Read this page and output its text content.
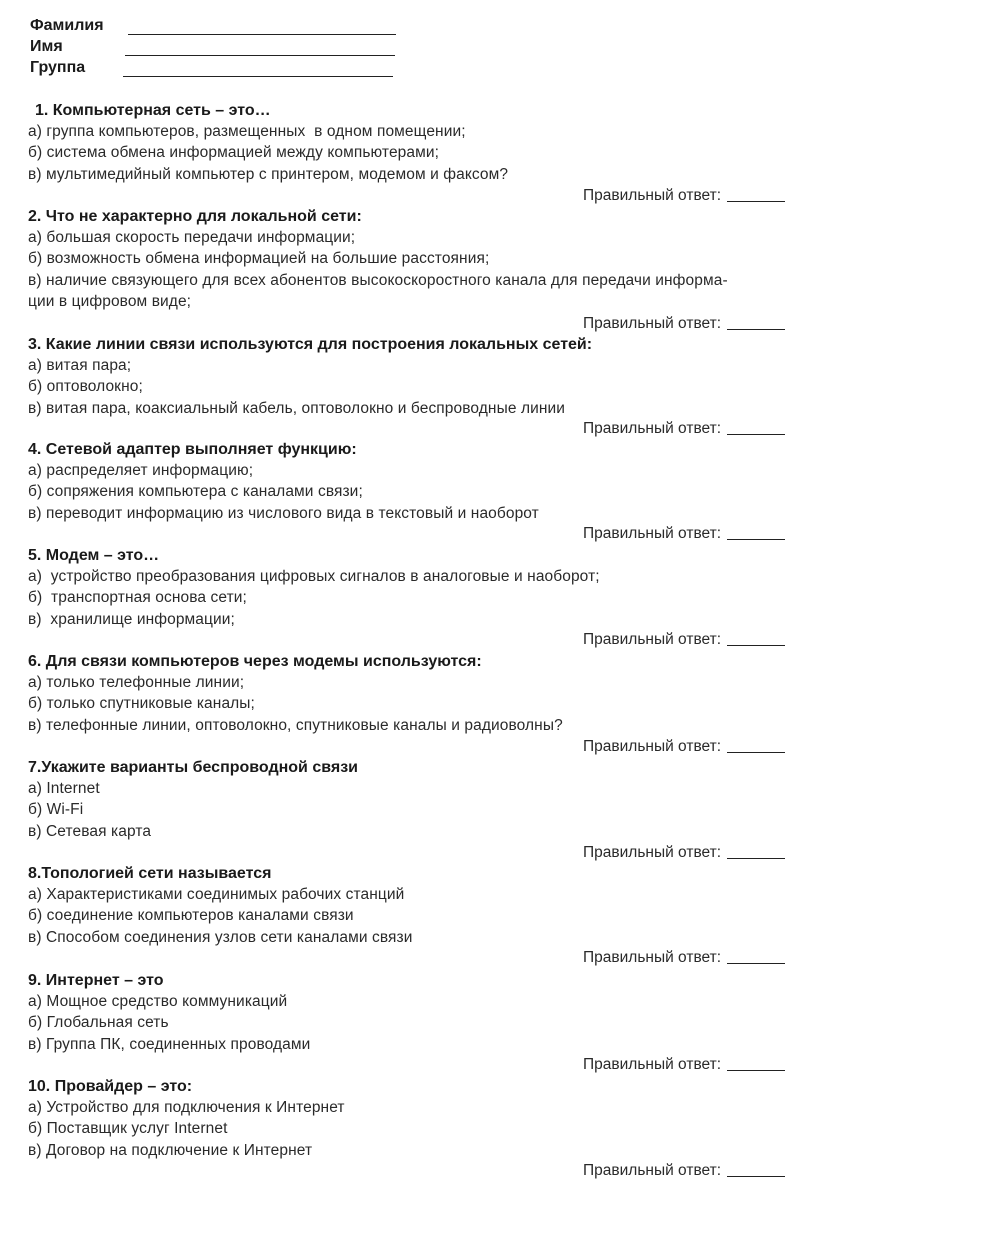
Фамилия
Имя
Группа
1. Компьютерная сеть – это…
а) группа компьютеров, размещенных  в одном помещении;
б) система обмена информацией между компьютерами;
в) мультимедийный компьютер с принтером, модемом и факсом?
Правильный ответ:
2. Что не характерно для локальной сети:
а) большая скорость передачи информации;
б) возможность обмена информацией на большие расстояния;
в) наличие связующего для всех абонентов высокоскоростного канала для передачи информа-
ции в цифровом виде;
Правильный ответ:
3. Какие линии связи используются для построения локальных сетей:
а) витая пара;
б) оптоволокно;
в) витая пара, коаксиальный кабель, оптоволокно и беспроводные линии
Правильный ответ:
4. Сетевой адаптер выполняет функцию:
а) распределяет информацию;
б) сопряжения компьютера с каналами связи;
в) переводит информацию из числового вида в текстовый и наоборот
Правильный ответ:
5. Модем – это…
а)  устройство преобразования цифровых сигналов в аналоговые и наоборот;
б)  транспортная основа сети;
в)  хранилище информации;
Правильный ответ:
6. Для связи компьютеров через модемы используются:
а) только телефонные линии;
б) только спутниковые каналы;
в) телефонные линии, оптоволокно, спутниковые каналы и радиоволны?
Правильный ответ:
7.Укажите варианты беспроводной связи
а) Internet
б) Wi-Fi
в) Сетевая карта
Правильный ответ:
8.Топологией сети называется
а) Характеристиками соединимых рабочих станций
б) соединение компьютеров каналами связи
в) Способом соединения узлов сети каналами связи
Правильный ответ:
9. Интернет – это
а) Мощное средство коммуникаций
б) Глобальная сеть
в) Группа ПК, соединенных проводами
Правильный ответ:
10. Провайдер – это:
а) Устройство для подключения к Интернет
б) Поставщик услуг Internet
в) Договор на подключение к Интернет
Правильный ответ:
